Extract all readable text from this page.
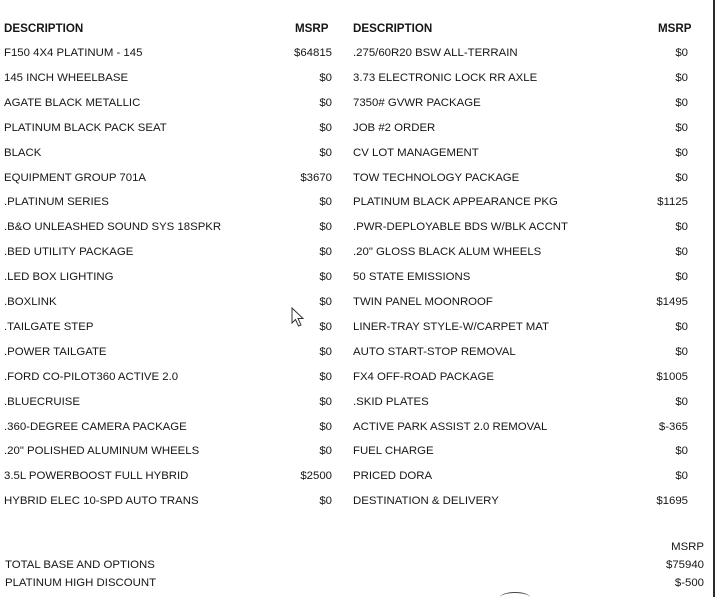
DESCRIPTION	MSRP DESCRIPTION	MSRP
F150 4X4 PLATINUM - 145	$64815
145 INCH WHEELBASE	$0
AGATE BLACK METALLIC	$0
PLATINUM BLACK PACK SEAT	$0
BLACK	$0
EQUIPMENT GROUP 701A	$3670
.PLATINUM SERIES	$0
.B&O UNLEASHED SOUND SYS 18SPKR	$0
.BED UTILITY PACKAGE	$0
.LED BOX LIGHTING	$0
.BOXLINK	$0
.TAILGATE STEP	$0
.POWER TAILGATE	$0
.FORD CO-PILOT360 ACTIVE 2.0	$0
.BLUECRUISE	$0
.360-DEGREE CAMERA PACKAGE	$0
.20" POLISHED ALUMINUM WHEELS	$0
3.5L POWERBOOST FULL HYBRID	$2500
HYBRID ELEC 10-SPD AUTO TRANS	$0
.275/60R20 BSW ALL-TERRAIN	$0
3.73 ELECTRONIC LOCK RR AXLE	$0
7350# GVWR PACKAGE	$0
JOB #2 ORDER	$0
CV LOT MANAGEMENT	$0
TOW TECHNOLOGY PACKAGE	$0
PLATINUM BLACK APPEARANCE PKG	$1125
.PWR-DEPLOYABLE BDS W/BLK ACCNT	$0
.20" GLOSS BLACK ALUM WHEELS	$0
50 STATE EMISSIONS	$0
TWIN PANEL MOONROOF	$1495
LINER-TRAY STYLE-W/CARPET MAT	$0
AUTO START-STOP REMOVAL	$0
FX4 OFF-ROAD PACKAGE	$1005
.SKID PLATES	$0
ACTIVE PARK ASSIST 2.0 REMOVAL	$-365
FUEL CHARGE	$0
PRICED DORA	$0
DESTINATION & DELIVERY	$1695
MSRP
TOTAL BASE AND OPTIONS	$75940
PLATINUM HIGH DISCOUNT	$-500
